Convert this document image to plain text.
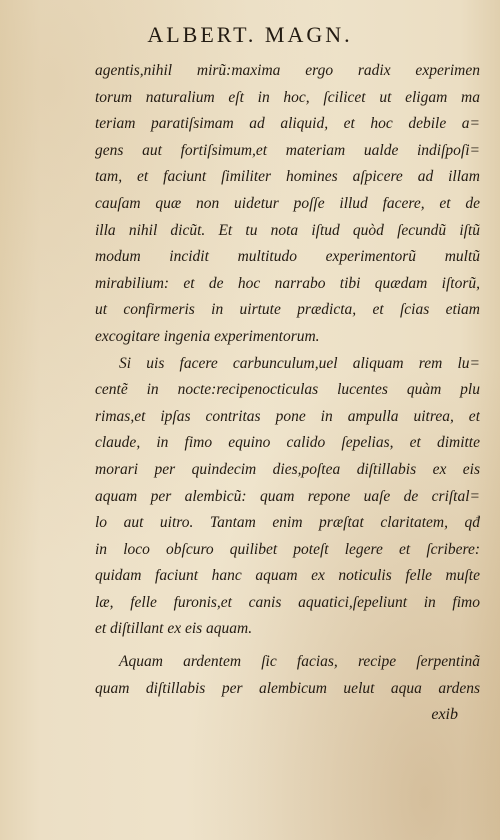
ALBERT. MAGN.
agentis,nihil mirũ:maxima ergo radix experimen
torum naturalium eſt in hoc, ſcilicet ut eligam ma
teriam paratiſsimam ad aliquid, et hoc debile a=
gens aut fortiſsimum,et materiam ualde indiſpoſi=
tam, et faciunt ſimiliter homines aſpicere ad illam
cauſam quæ non uidetur poſſe illud facere, et de
illa nihil dicũt. Et tu nota iſtud quòd ſecundũ iſtũ
modum incidit multitudo experimentorũ multũ
mirabilium: et de hoc narrabo tibi quædam iſtorũ,
ut confirmeris in uirtute prædicta, et ſcias etiam
excogitare ingenia experimentorum.
Si uis facere carbunculum,uel aliquam rem lu=
centẽ in nocte:recipenocticulas lucentes quàm plu
rimas,et ipſas contritas pone in ampulla uitrea, et
claude, in fimo equino calido ſepelias, et dimitte
morari per quindecim dies,poſtea diſtillabis ex eis
aquam per alembicũ: quam repone uaſe de criſtal=
lo aut uitro. Tantam enim præſtat claritatem, qđ
in loco obſcuro quilibet poteſt legere et ſcribere:
quidam faciunt hanc aquam ex noticulis felle muſte
læ, felle furonis,et canis aquatici,ſepeliunt in fimo
et diſtillant ex eis aquam.
Aquam ardentem ſic facias, recipe ſerpentinã
quam diſtillabis per alembicum uelut aqua ardens
exib
